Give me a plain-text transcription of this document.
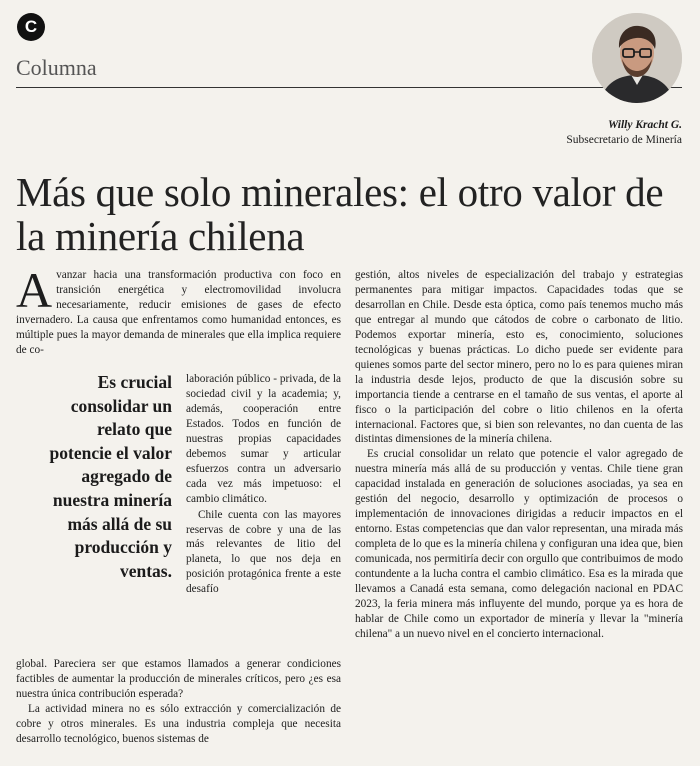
C
Columna
Willy Kracht G.
Subsecretario de Minería
Más que solo minerales: el otro valor de la minería chilena

Avanzar hacia una transformación productiva con foco en transición energética y electromovilidad involucra necesariamente, reducir emisiones de gases de efecto invernadero. La causa que enfrentamos como humanidad entonces, es múltiple pues la mayor demanda de minerales que ella implica requiere de co-

Es crucial consolidar un relato que potencie el valor agregado de nuestra minería más allá de su producción y ventas.

laboración público - privada, de la sociedad civil y la academia; y, además, cooperación entre Estados. Todos en función de nuestras propias capacidades debemos sumar y articular esfuerzos contra un adversario cada vez más impetuoso: el cambio climático.

Chile cuenta con las mayores reservas de cobre y una de las más relevantes de litio del planeta, lo que nos deja en posición protagónica frente a este desafío

global. Pareciera ser que estamos llamados a generar condiciones factibles de aumentar la producción de minerales críticos, pero ¿es esa nuestra única contribución esperada?

La actividad minera no es sólo extracción y comercialización de cobre y otros minerales. Es una industria compleja que necesita desarrollo tecnológico, buenos sistemas de

gestión, altos niveles de especialización del trabajo y estrategias permanentes para mitigar impactos. Capacidades todas que se desarrollan en Chile. Desde esta óptica, como país tenemos mucho más que entregar al mundo que cátodos de cobre o carbonato de litio. Podemos exportar minería, esto es, conocimiento, soluciones tecnológicas y buenas prácticas. Lo dicho puede ser evidente para quienes somos parte del sector minero, pero no lo es para quienes miran la industria desde lejos, producto de que la discusión sobre su importancia tiende a centrarse en el tamaño de sus ventas, el aporte al fisco o la participación del cobre o litio chilenos en la oferta internacional. Factores que, si bien son relevantes, no dan cuenta de las distintas dimensiones de la minería chilena.

Es crucial consolidar un relato que potencie el valor agregado de nuestra minería más allá de su producción y ventas. Chile tiene gran capacidad instalada en generación de soluciones asociadas, ya sea en gestión del negocio, desarrollo y optimización de procesos o implementación de innovaciones dirigidas a reducir impactos en el entorno. Estas competencias que dan valor representan, una mirada más completa de lo que es la minería chilena y configuran una idea que, bien comunicada, nos permitiría decir con orgullo que contribuimos de modo contundente a la lucha contra el cambio climático. Esa es la mirada que llevamos a Canadá esta semana, como delegación nacional en PDAC 2023, la feria minera más influyente del mundo, porque ya es hora de hablar de Chile como un exportador de minería y llevar la "minería chilena" a un nuevo nivel en el concierto internacional.
